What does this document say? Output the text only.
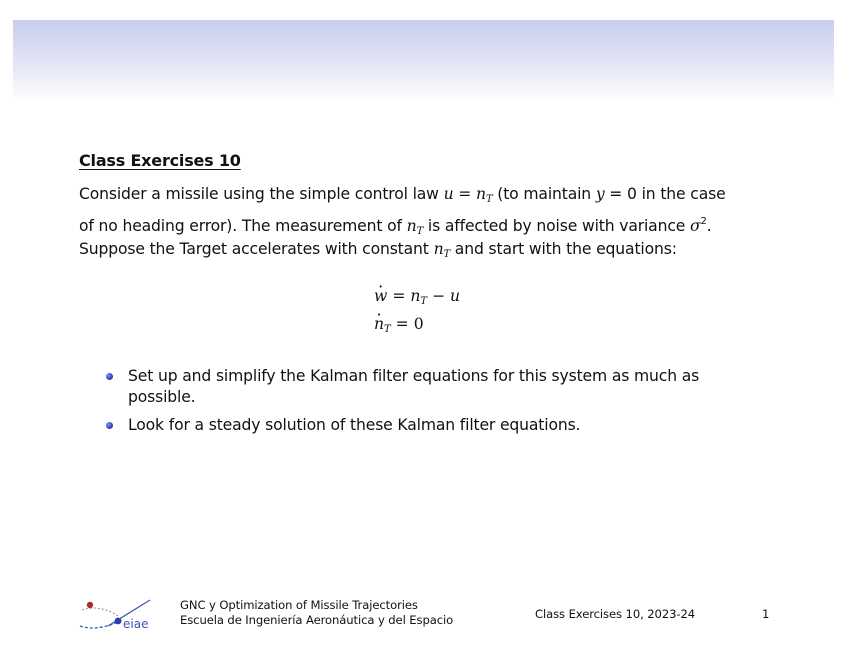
Class Exercises 10
Consider a missile using the simple control law $u = n_T$ (to maintain y = 0 in the case
of no heading error). The measurement of $n_T$ is affected by noise with variance $\sigma^2$.
Suppose the Target accelerates with constant $n_T$ and start with the equations:
· $w = n_T - u$
· $n_T = 0$
Set up and simplify the Kalman filter equations for this system as much as possible.
Look for a steady solution of these Kalman filter equations.
eiae
GNC y Optimization of Missile Trajectories
Escuela de Ingeniería Aeronáutica y del Espacio	Class Exercises 10, 2023-24	1
